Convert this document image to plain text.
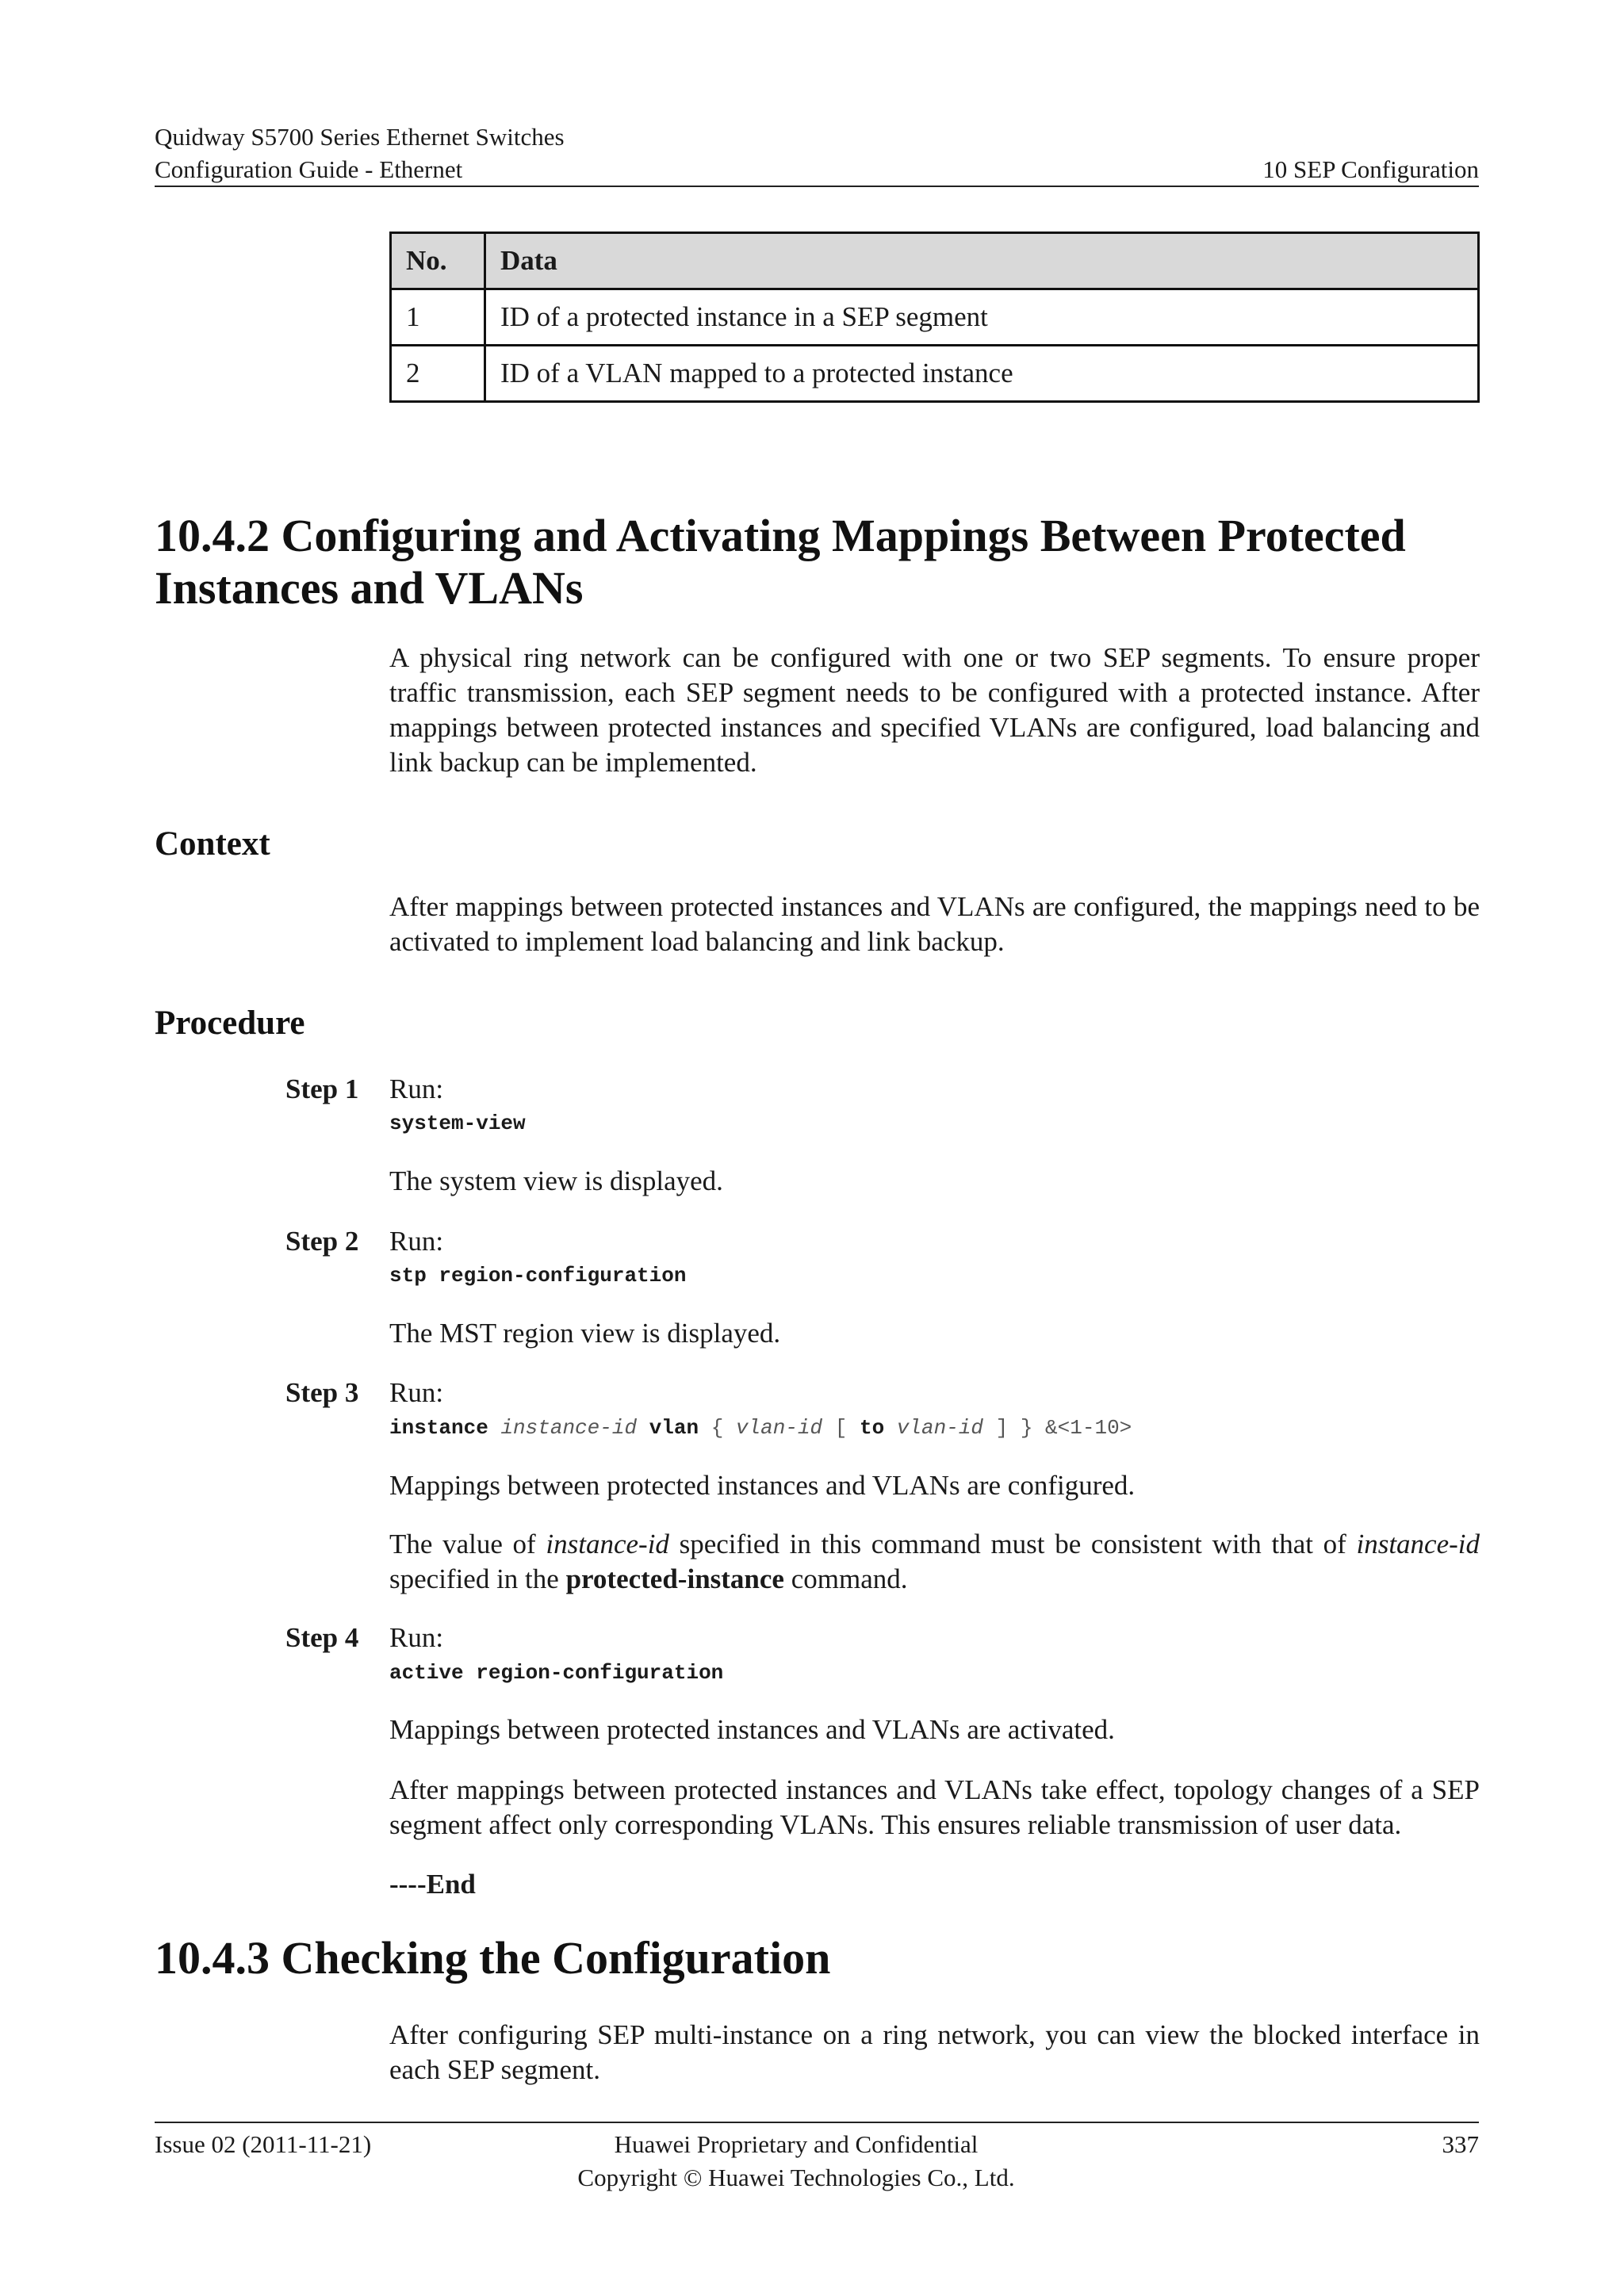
Quidway S5700 Series Ethernet Switches
Configuration Guide - Ethernet	10 SEP Configuration
No.	Data
1	ID of a protected instance in a SEP segment
2	ID of a VLAN mapped to a protected instance
10.4.2 Configuring and Activating Mappings Between Protected
Instances and VLANs

A physical ring network can be configured with one or two SEP segments. To ensure proper traffic transmission, each SEP segment needs to be configured with a protected instance. After mappings between protected instances and specified VLANs are configured, load balancing and link backup can be implemented.

Context

After mappings between protected instances and VLANs are configured, the mappings need to be activated to implement load balancing and link backup.

Procedure
Step 1 Run:
system-view

The system view is displayed.

Step 2 Run:
stp region-configuration

The MST region view is displayed.

Step 3 Run:
instance instance-id vlan { vlan-id [ to vlan-id ] } &<1-10>

Mappings between protected instances and VLANs are configured.

The value of instance-id specified in this command must be consistent with that of instance-id specified in the protected-instance command.

Step 4 Run:
active region-configuration

Mappings between protected instances and VLANs are activated.

After mappings between protected instances and VLANs take effect, topology changes of a SEP segment affect only corresponding VLANs. This ensures reliable transmission of user data.

----End
10.4.3 Checking the Configuration

After configuring SEP multi-instance on a ring network, you can view the blocked interface in each SEP segment.

Issue 02 (2011-11-21)	Huawei Proprietary and Confidential
Copyright © Huawei Technologies Co., Ltd.
337
